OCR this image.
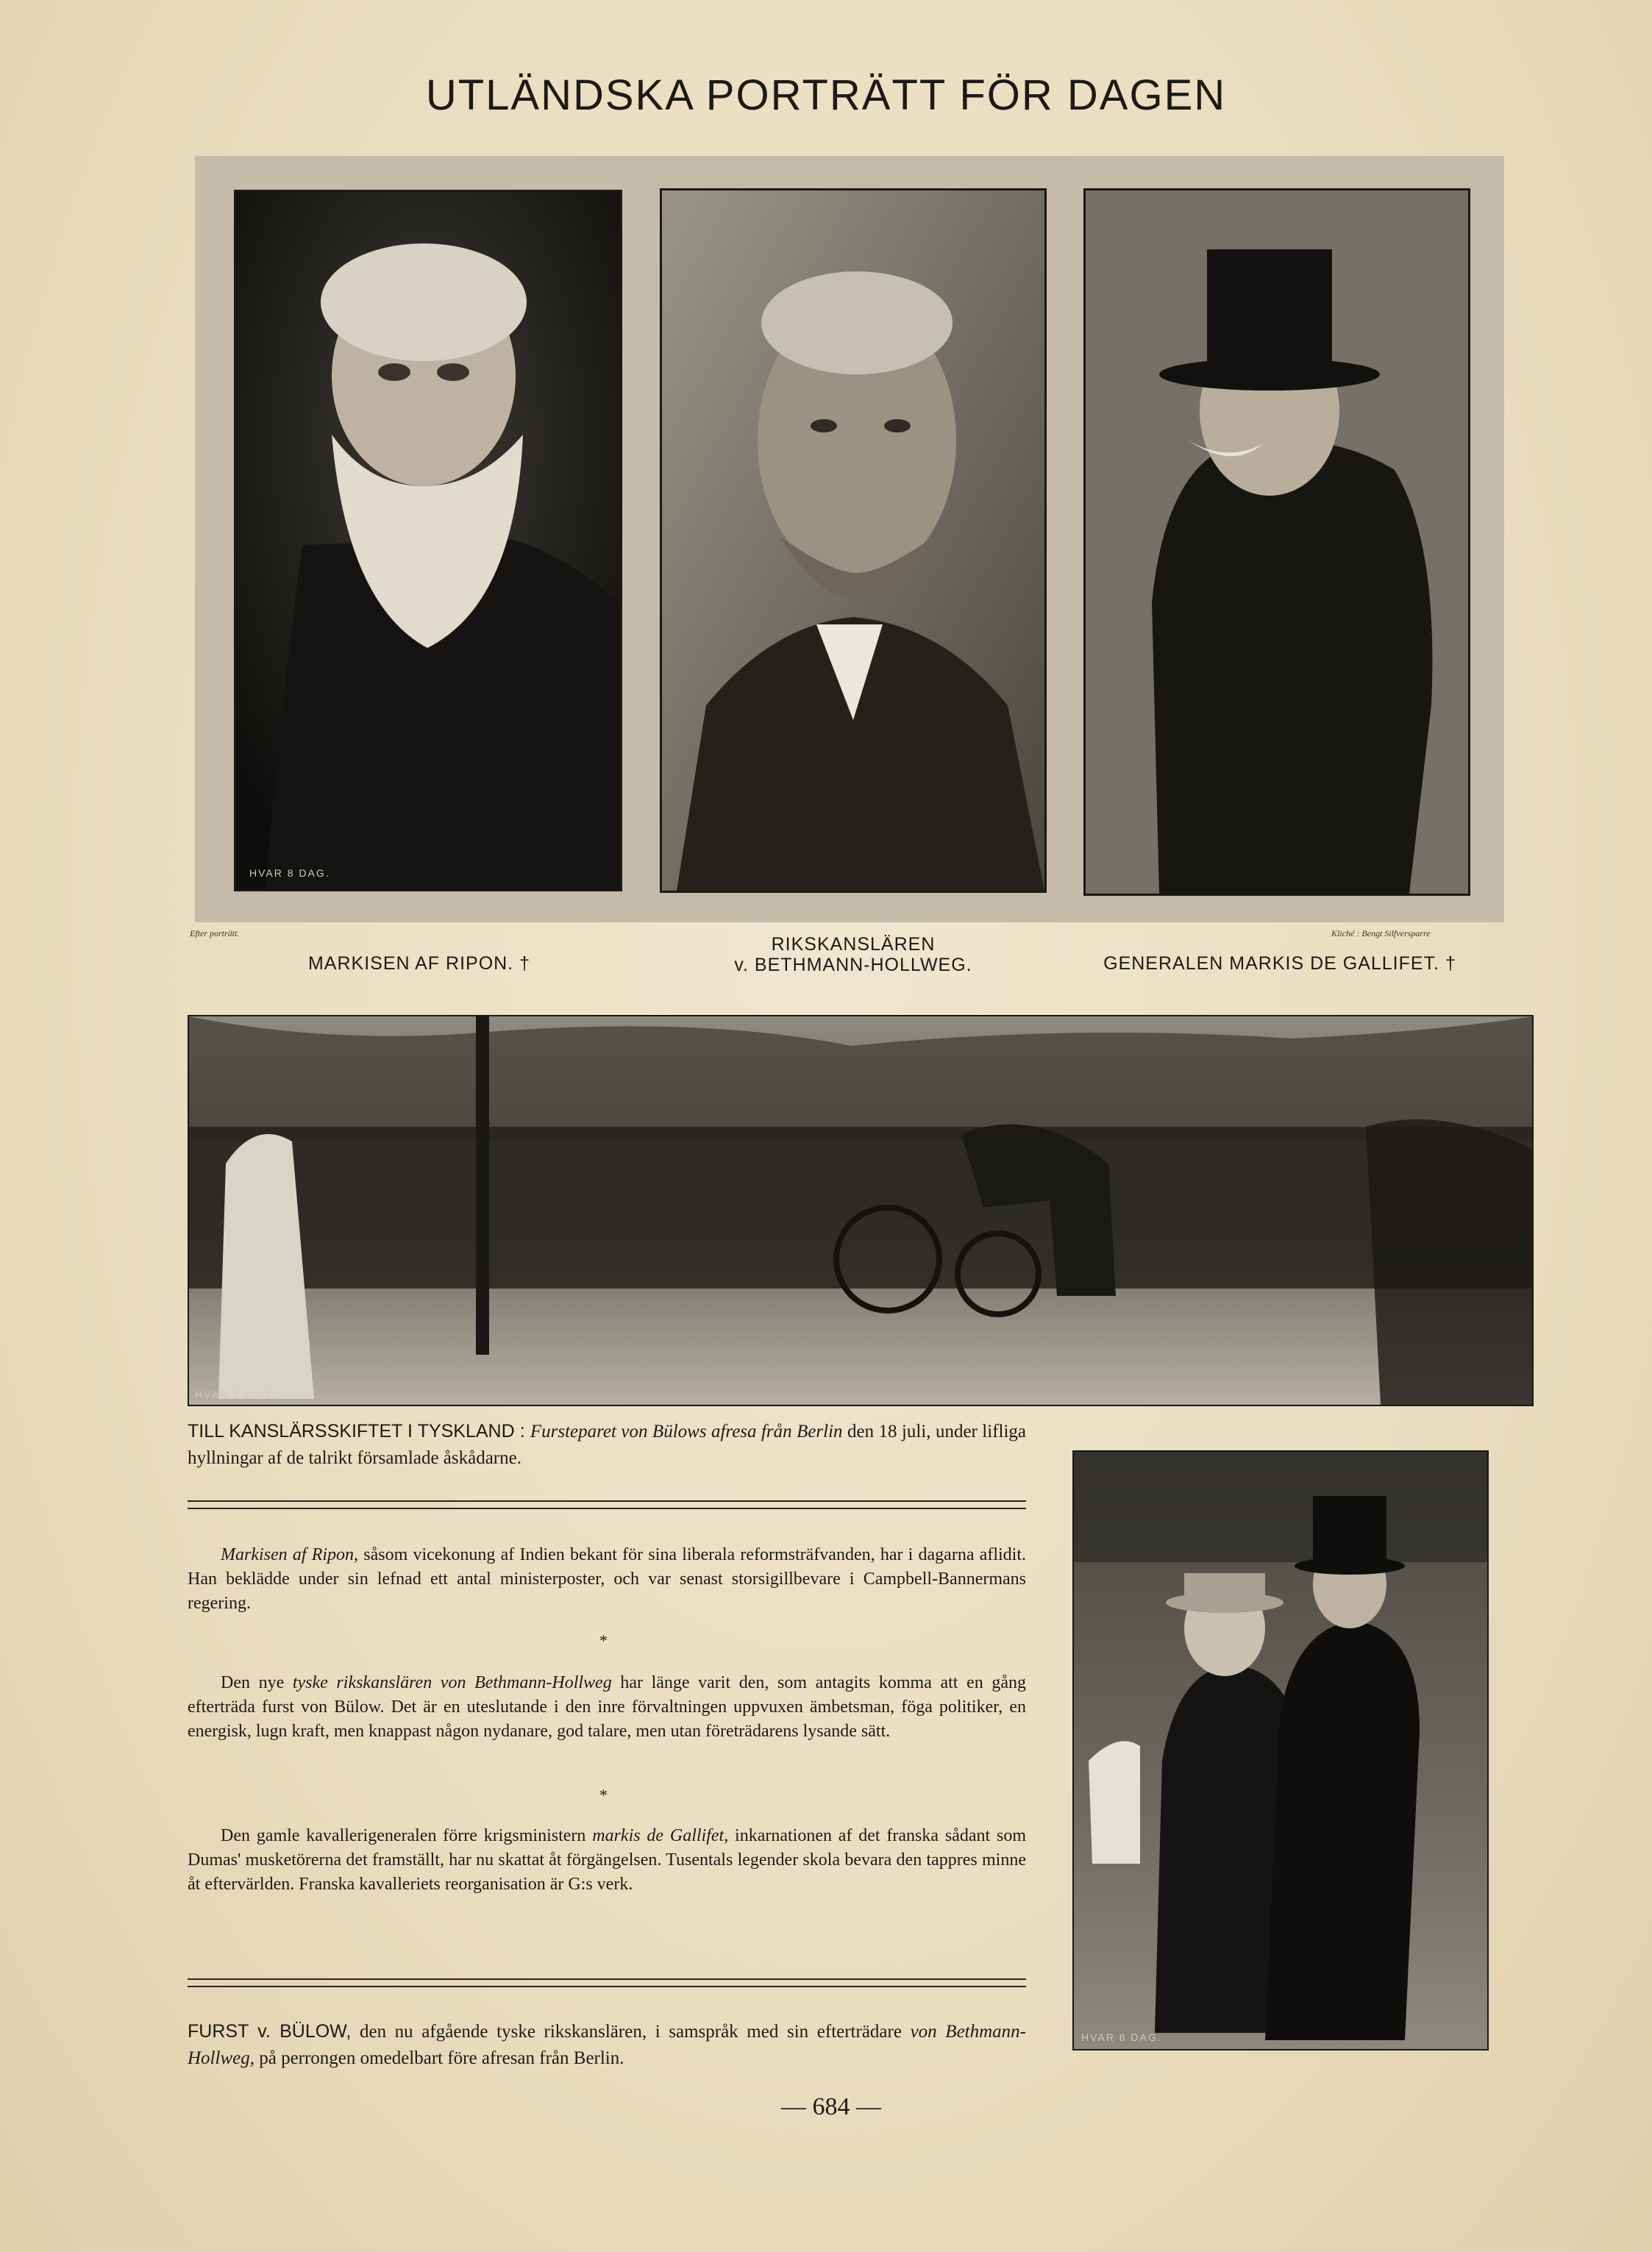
UTLÄNDSKA PORTRÄTT FÖR DAGEN
HVAR 8 DAG.
Efter porträtt.	Kliché : Bengt Silfversparre
MARKISEN AF RIPON. †
RIKSKANSLÄREN
v. BETHMANN-HOLLWEG.	GENERALEN MARKIS DE GALLIFET. †
HVAR 8 DAG.
TILL KANSLÄRSSKIFTET I TYSKLAND : Fursteparet von Bülows afresa från Berlin den 18 juli, under lifliga hyllningar af de talrikt församlade åskådarne.
Markisen af Ripon, såsom vicekonung af Indien bekant för sina liberala reformsträfvanden, har i dagarna aflidit. Han beklädde under sin lefnad ett antal ministerposter, och var senast storsigillbevare i Campbell-Bannermans regering.
*
Den nye tyske rikskanslären von Bethmann-Hollweg har länge varit den, som antagits komma att en gång efterträda furst von Bülow. Det är en uteslutande i den inre förvaltningen uppvuxen ämbetsman, föga politiker, en energisk, lugn kraft, men knappast någon nydanare, god talare, men utan företrädarens lysande sätt.
*
Den gamle kavallerigeneralen förre krigsministern markis de Gallifet, inkarnationen af det franska sådant som Dumas' musketörerna det framställt, har nu skattat åt förgängelsen. Tusentals legender skola bevara den tappres minne åt eftervärlden. Franska kavalleriets reorganisation är G:s verk.
HVAR 8 DAG.
FURST v. BÜLOW, den nu afgående tyske rikskanslären, i samspråk med sin efterträdare von Bethmann-Hollweg, på perrongen omedelbart före afresan från Berlin.
— 684 —
